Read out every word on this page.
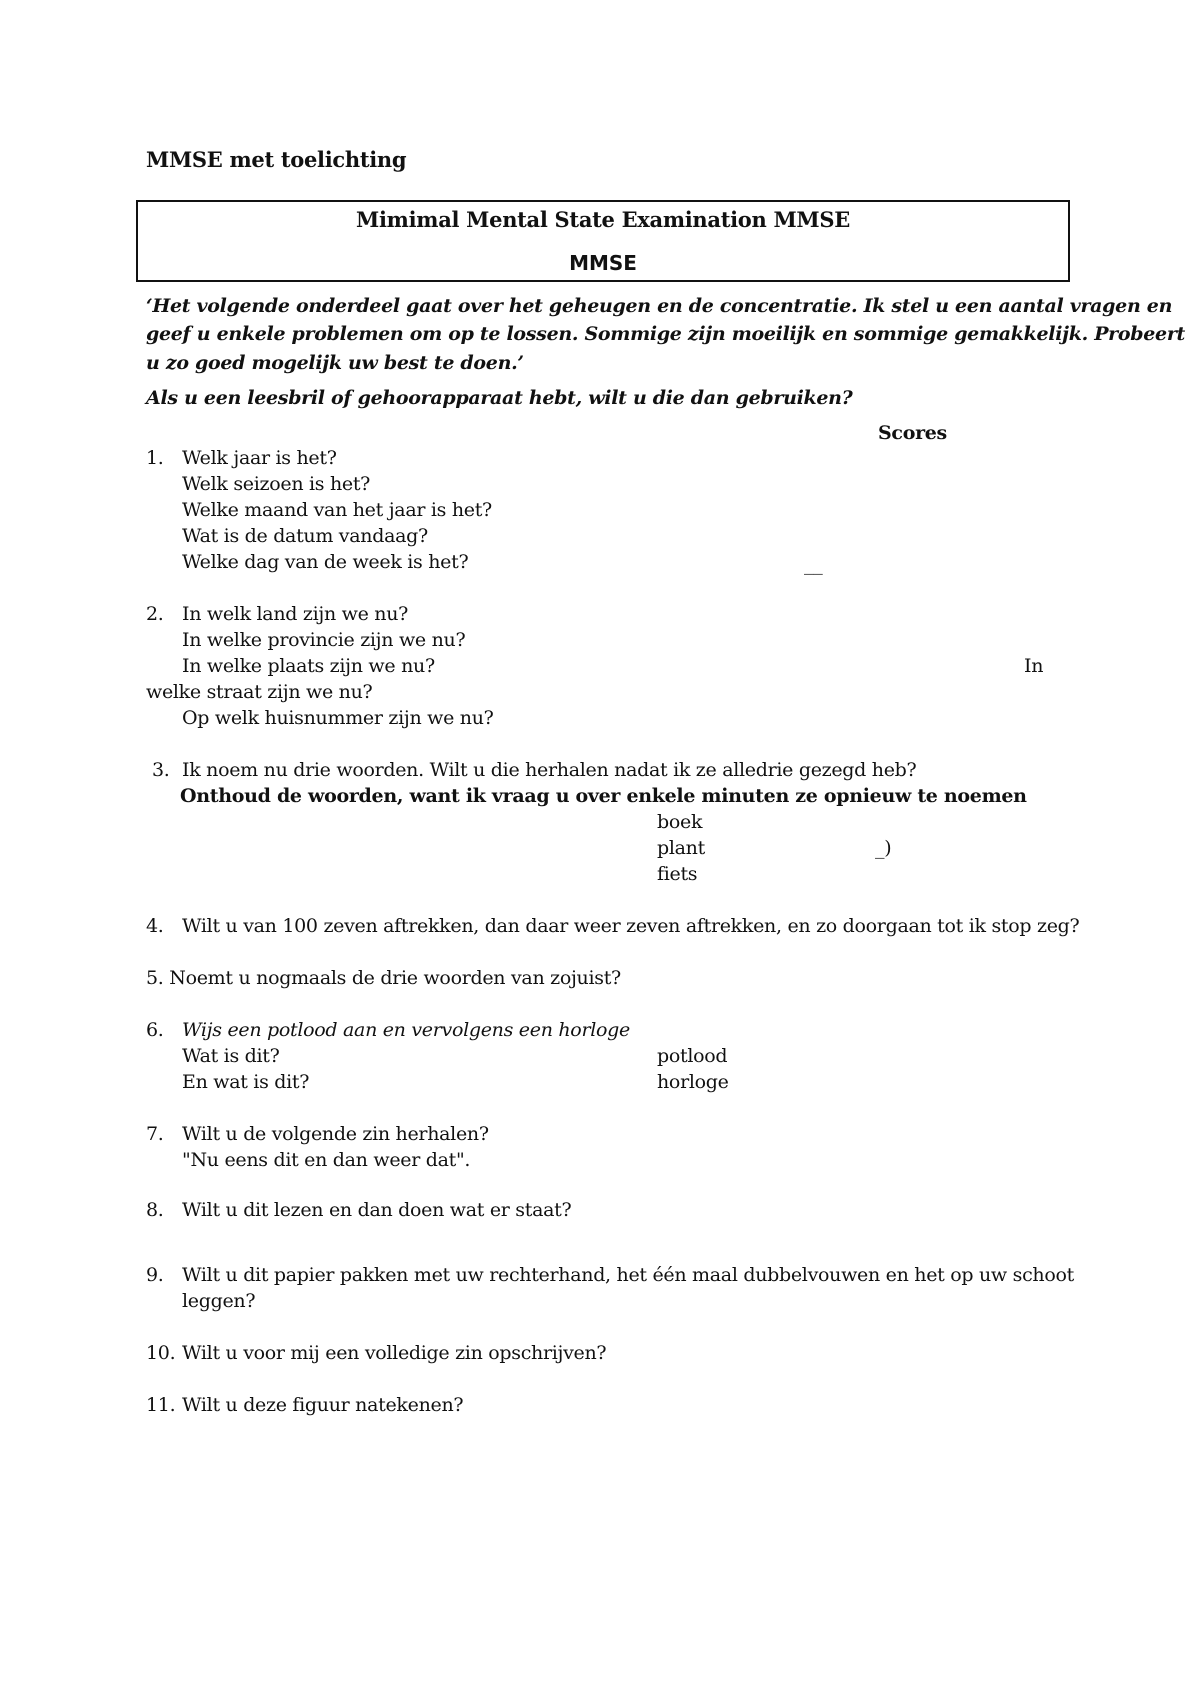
MMSE met toelichting
Mimimal Mental State Examination MMSE
MMSE
‘Het volgende onderdeel gaat over het geheugen en de concentratie. Ik stel u een aantal vragen en
geef u enkele problemen om op te lossen. Sommige zijn moeilijk en sommige gemakkelijk. Probeert
u zo goed mogelijk uw best te doen.’
Als u een leesbril of gehoorapparaat hebt, wilt u die dan gebruiken?
Scores
1. Welk jaar is het?
Welk seizoen is het?
Welke maand van het jaar is het?
Wat is de datum vandaag?
Welke dag van de week is het?	__
2. In welk land zijn we nu?
In welke provincie zijn we nu?
In welke plaats zijn we nu?	In
welke straat zijn we nu?
Op welk huisnummer zijn we nu?
3. Ik noem nu drie woorden. Wilt u die herhalen nadat ik ze alledrie gezegd heb?
Onthoud de woorden, want ik vraag u over enkele minuten ze opnieuw te noemen
boek
plant
fiets
_)
4. Wilt u van 100 zeven aftrekken, dan daar weer zeven aftrekken, en zo doorgaan tot ik stop zeg?
5. Noemt u nogmaals de drie woorden van zojuist?
6. Wijs een potlood aan en vervolgens een horloge
Wat is dit?	potlood
En wat is dit?	horloge
7. Wilt u de volgende zin herhalen?
"Nu eens dit en dan weer dat".
8. Wilt u dit lezen en dan doen wat er staat?
9. Wilt u dit papier pakken met uw rechterhand, het één maal dubbelvouwen en het op uw schoot
leggen?
10. Wilt u voor mij een volledige zin opschrijven?
11. Wilt u deze figuur natekenen?
